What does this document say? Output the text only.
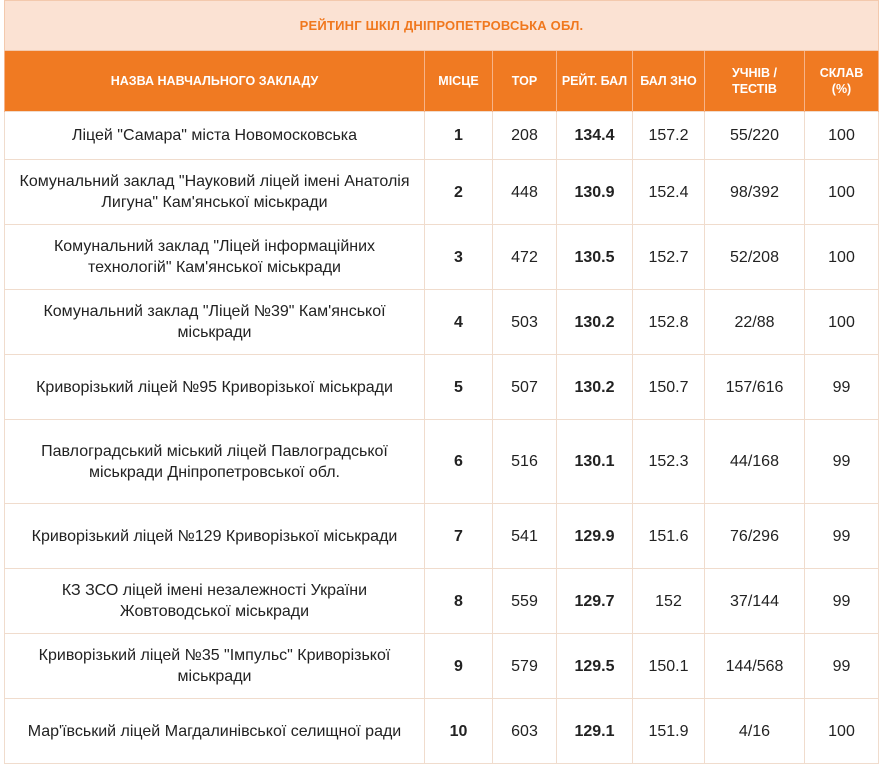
РЕЙТИНГ ШКІЛ ДНІПРОПЕТРОВСЬКА ОБЛ.						
НАЗВА НАВЧАЛЬНОГО ЗАКЛАДУ	МІСЦЕ	TOP	РЕЙТ. БАЛ	БАЛ ЗНО	УЧНІВ / ТЕСТІВ	СКЛАВ (%)
Ліцей "Самара" міста Новомосковська	1	208	134.4	157.2	55/220	100
Комунальний заклад "Науковий ліцей імені Анатолія Лигуна" Кам'янської міськради	2	448	130.9	152.4	98/392	100
Комунальний заклад "Ліцей інформаційних технологій" Кам'янської міськради	3	472	130.5	152.7	52/208	100
Комунальний заклад "Ліцей №39" Кам'янської міськради	4	503	130.2	152.8	22/88	100
Криворізький ліцей №95 Криворізької міськради	5	507	130.2	150.7	157/616	99
Павлоградський міський ліцей Павлоградської міськради Дніпропетровської обл.	6	516	130.1	152.3	44/168	99
Криворізький ліцей №129 Криворізької міськради	7	541	129.9	151.6	76/296	99
КЗ ЗСО ліцей імені незалежності України Жовтоводської міськради	8	559	129.7	152	37/144	99
Криворізький ліцей №35 "Імпульс" Криворізької міськради	9	579	129.5	150.1	144/568	99
Мар'ївський ліцей Магдалинівської селищної ради	10	603	129.1	151.9	4/16	100
